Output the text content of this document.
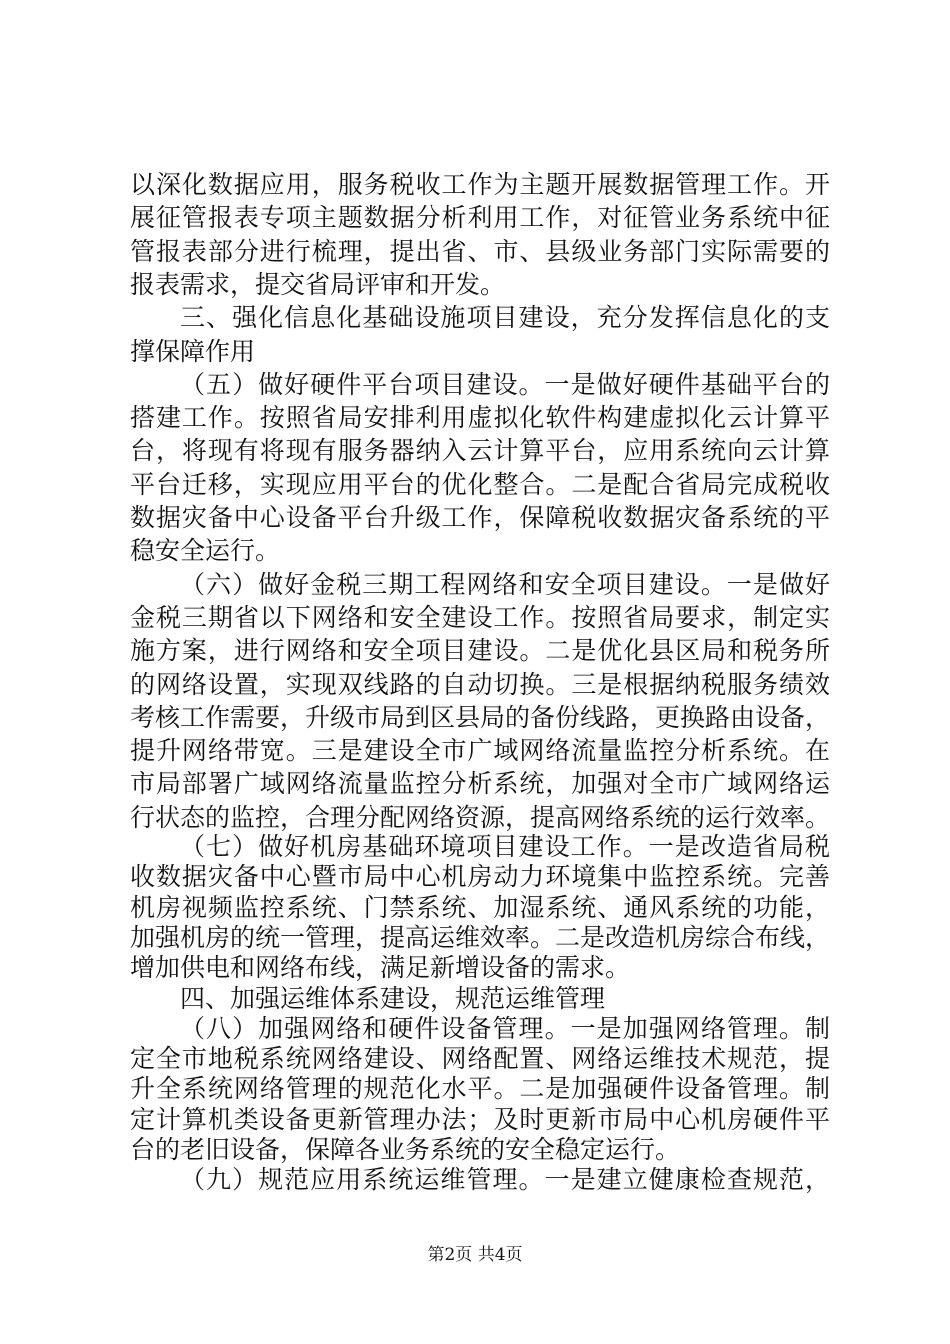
以深化数据应用，服务税收工作为主题开展数据管理工作。开
展征管报表专项主题数据分析利用工作，对征管业务系统中征
管报表部分进行梳理，提出省、市、县级业务部门实际需要的
报表需求，提交省局评审和开发。
三、强化信息化基础设施项目建设，充分发挥信息化的支
撑保障作用
（五）做好硬件平台项目建设。一是做好硬件基础平台的
搭建工作。按照省局安排利用虚拟化软件构建虚拟化云计算平
台，将现有将现有服务器纳入云计算平台，应用系统向云计算
平台迁移，实现应用平台的优化整合。二是配合省局完成税收
数据灾备中心设备平台升级工作，保障税收数据灾备系统的平
稳安全运行。
（六）做好金税三期工程网络和安全项目建设。一是做好
金税三期省以下网络和安全建设工作。按照省局要求，制定实
施方案，进行网络和安全项目建设。二是优化县区局和税务所
的网络设置，实现双线路的自动切换。三是根据纳税服务绩效
考核工作需要，升级市局到区县局的备份线路，更换路由设备，
提升网络带宽。三是建设全市广域网络流量监控分析系统。在
市局部署广域网络流量监控分析系统，加强对全市广域网络运
行状态的监控，合理分配网络资源，提高网络系统的运行效率。
（七）做好机房基础环境项目建设工作。一是改造省局税
收数据灾备中心暨市局中心机房动力环境集中监控系统。完善
机房视频监控系统、门禁系统、加湿系统、通风系统的功能，
加强机房的统一管理，提高运维效率。二是改造机房综合布线，
增加供电和网络布线，满足新增设备的需求。
四、加强运维体系建设，规范运维管理
（八）加强网络和硬件设备管理。一是加强网络管理。制
定全市地税系统网络建设、网络配置、网络运维技术规范，提
升全系统网络管理的规范化水平。二是加强硬件设备管理。制
定计算机类设备更新管理办法；及时更新市局中心机房硬件平
台的老旧设备，保障各业务系统的安全稳定运行。
（九）规范应用系统运维管理。一是建立健康检查规范，
第2页 共4页
